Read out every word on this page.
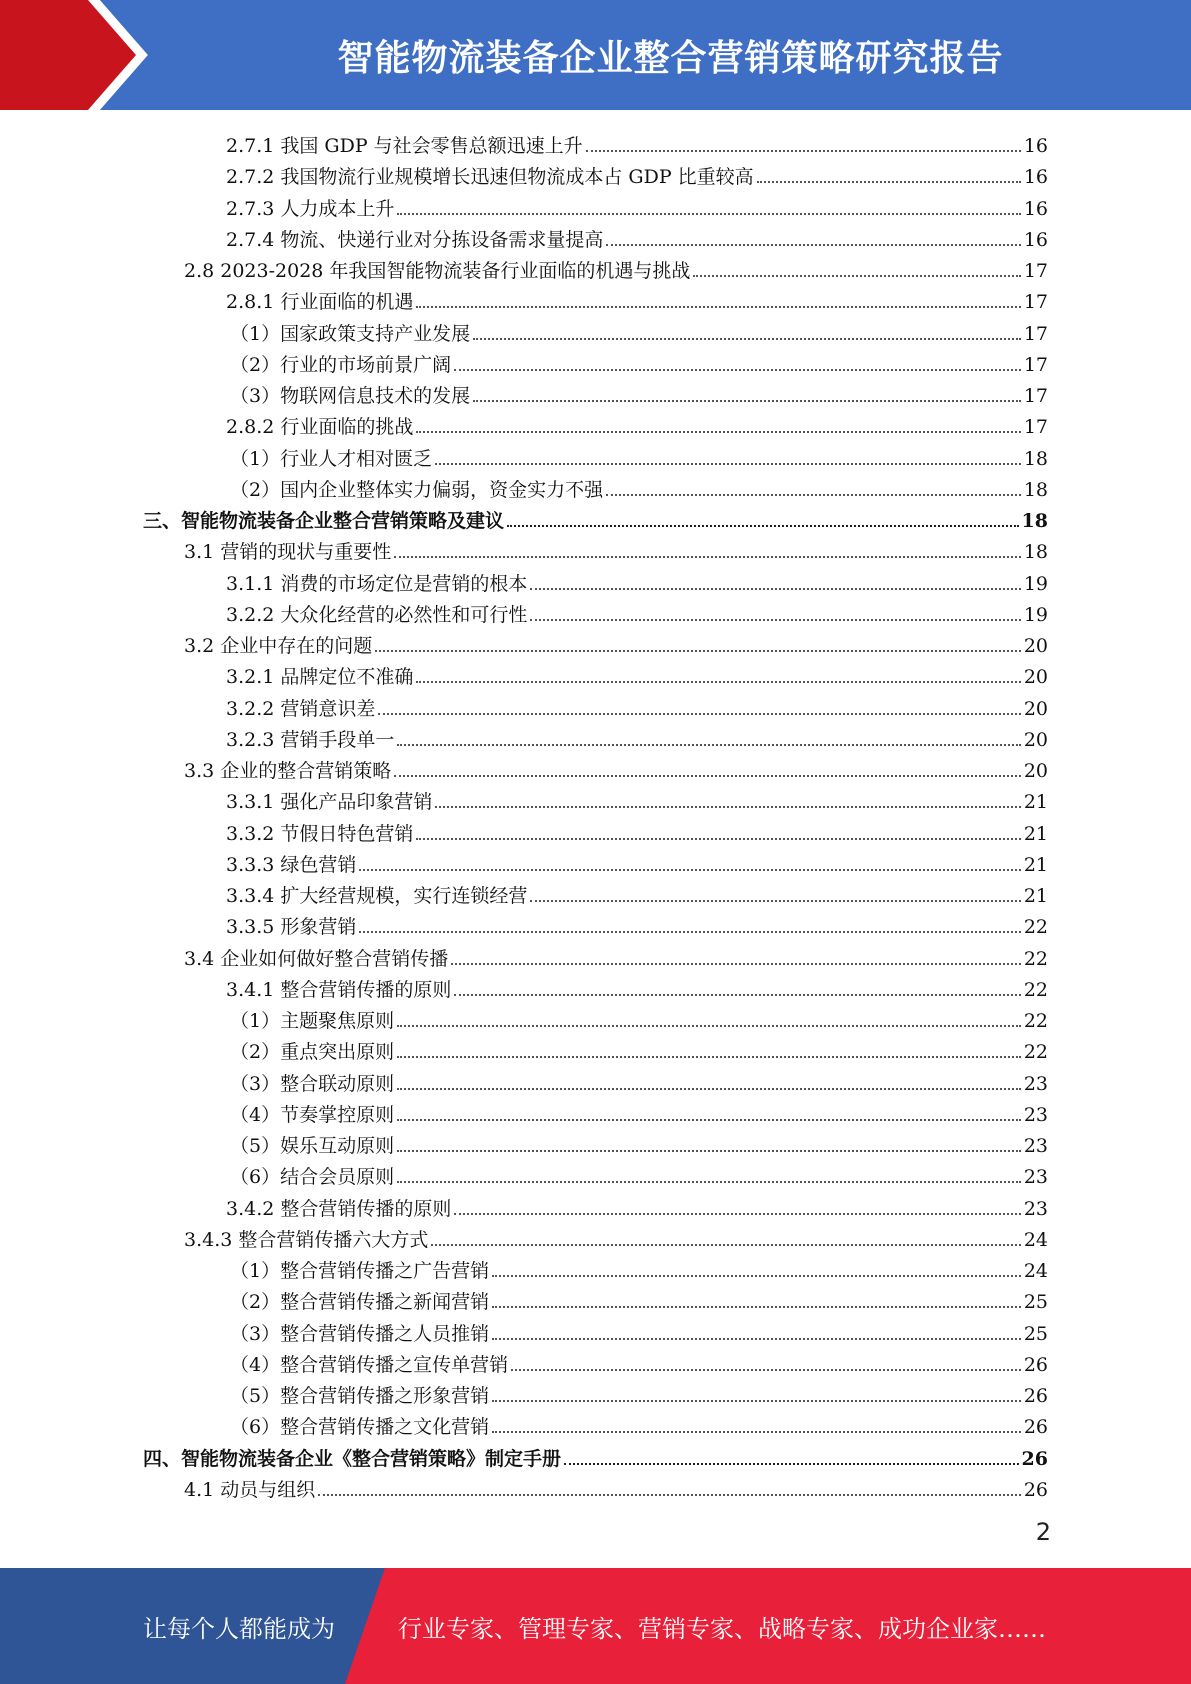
智能物流装备企业整合营销策略研究报告
2.7.1 我国 GDP 与社会零售总额迅速上升	16
2.7.2 我国物流行业规模增长迅速但物流成本占 GDP 比重较高	16
2.7.3 人力成本上升	16
2.7.4 物流、快递行业对分拣设备需求量提高	16
2.8 2023-2028 年我国智能物流装备行业面临的机遇与挑战	17
2.8.1 行业面临的机遇	17
（1）国家政策支持产业发展	17
（2）行业的市场前景广阔	17
（3）物联网信息技术的发展	17
2.8.2 行业面临的挑战	17
（1）行业人才相对匮乏	18
（2）国内企业整体实力偏弱，资金实力不强	18
三、智能物流装备企业整合营销策略及建议	18
3.1 营销的现状与重要性	18
3.1.1 消费的市场定位是营销的根本	19
3.2.2 大众化经营的必然性和可行性	19
3.2 企业中存在的问题	20
3.2.1 品牌定位不准确	20
3.2.2 营销意识差	20
3.2.3 营销手段单一	20
3.3 企业的整合营销策略	20
3.3.1 强化产品印象营销	21
3.3.2 节假日特色营销	21
3.3.3 绿色营销	21
3.3.4 扩大经营规模，实行连锁经营	21
3.3.5 形象营销	22
3.4 企业如何做好整合营销传播	22
3.4.1 整合营销传播的原则	22
（1）主题聚焦原则	22
（2）重点突出原则	22
（3）整合联动原则	23
（4）节奏掌控原则	23
（5）娱乐互动原则	23
（6）结合会员原则	23
3.4.2 整合营销传播的原则	23
3.4.3 整合营销传播六大方式	24
（1）整合营销传播之广告营销	24
（2）整合营销传播之新闻营销	25
（3）整合营销传播之人员推销	25
（4）整合营销传播之宣传单营销	26
（5）整合营销传播之形象营销	26
（6）整合营销传播之文化营销	26
四、智能物流装备企业《整合营销策略》制定手册	26
4.1 动员与组织	26
2
让每个人都能成为	行业专家、管理专家、营销专家、战略专家、成功企业家……
